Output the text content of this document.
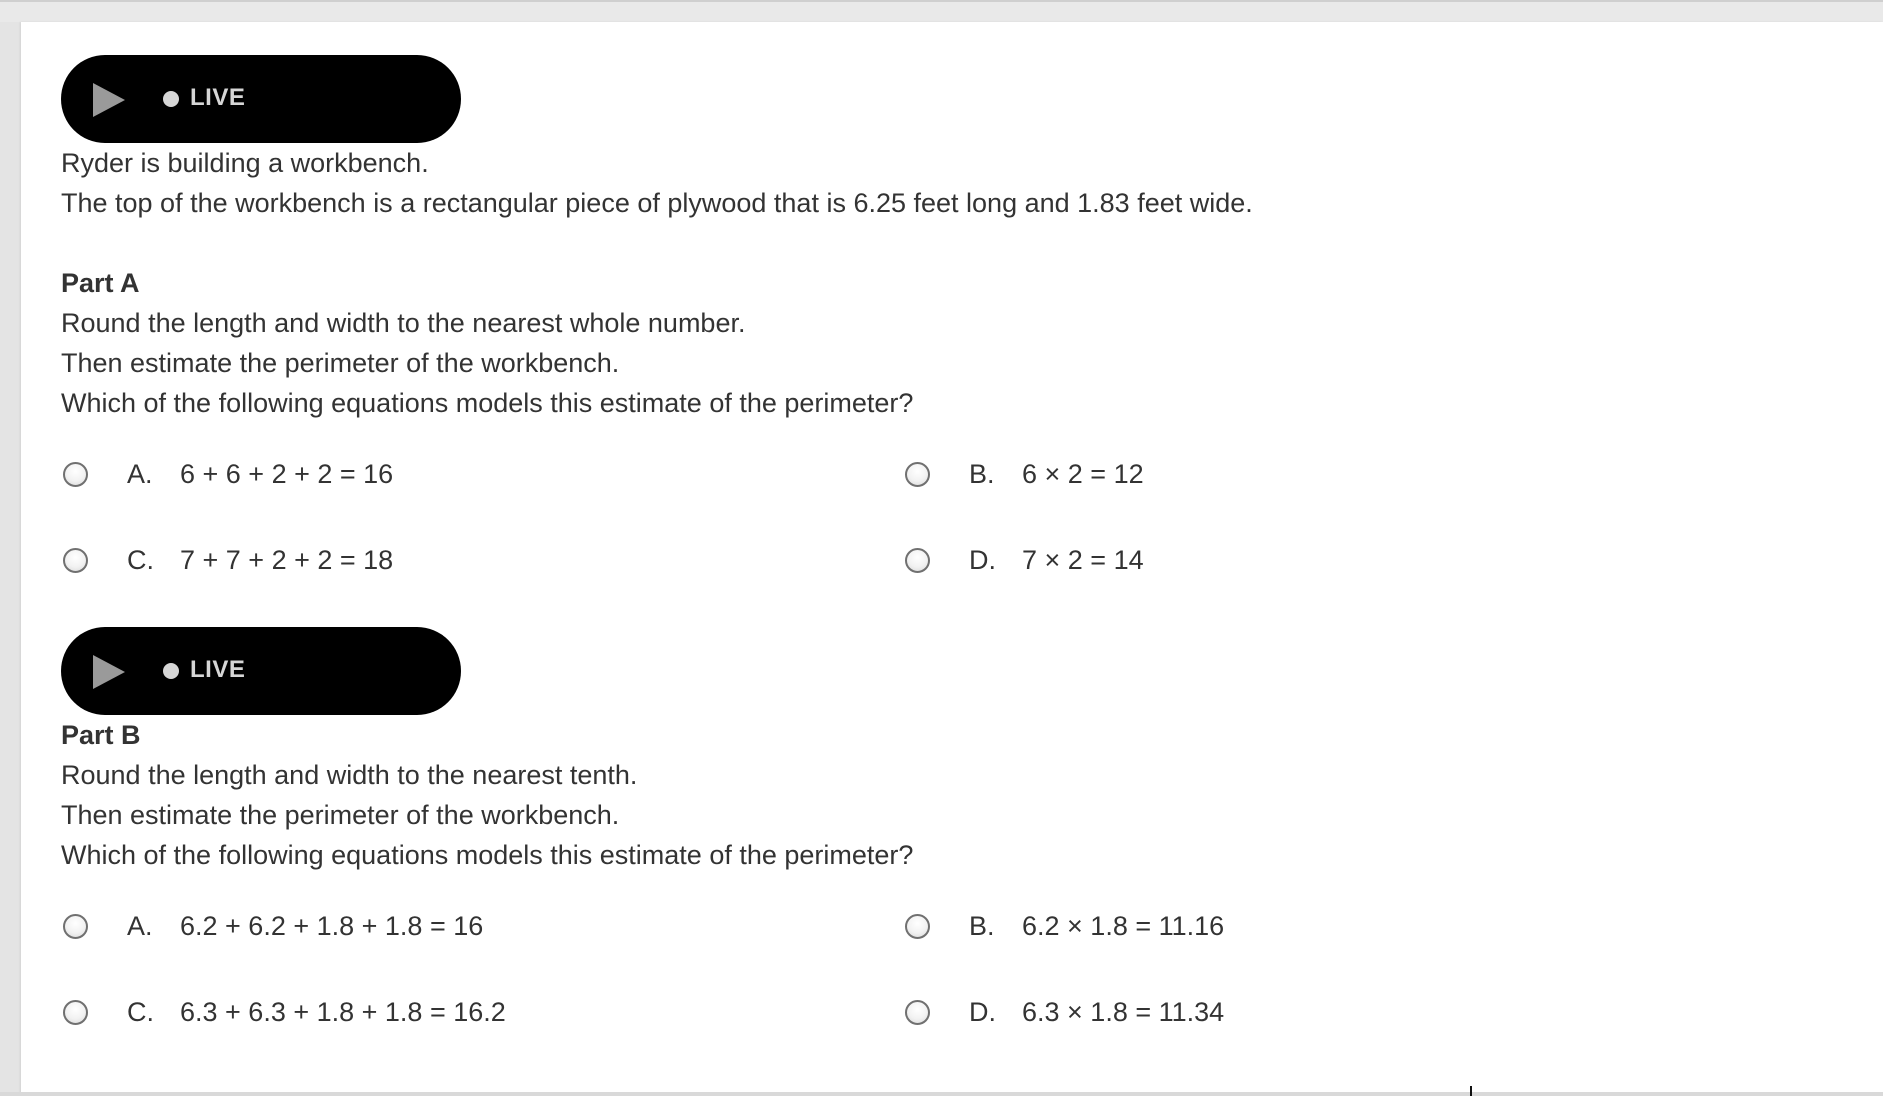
LIVE
Ryder is building a workbench.
The top of the workbench is a rectangular piece of plywood that is 6.25 feet long and 1.83 feet wide.
Part A
Round the length and width to the nearest whole number.
Then estimate the perimeter of the workbench.
Which of the following equations models this estimate of the perimeter?
A. 6 + 6 + 2 + 2 = 16	B. 6 × 2 = 12
C. 7 + 7 + 2 + 2 = 18	D. 7 × 2 = 14
LIVE
Part B
Round the length and width to the nearest tenth.
Then estimate the perimeter of the workbench.
Which of the following equations models this estimate of the perimeter?
A. 6.2 + 6.2 + 1.8 + 1.8 = 16	B. 6.2 × 1.8 = 11.16
C. 6.3 + 6.3 + 1.8 + 1.8 = 16.2	D. 6.3 × 1.8 = 11.34
